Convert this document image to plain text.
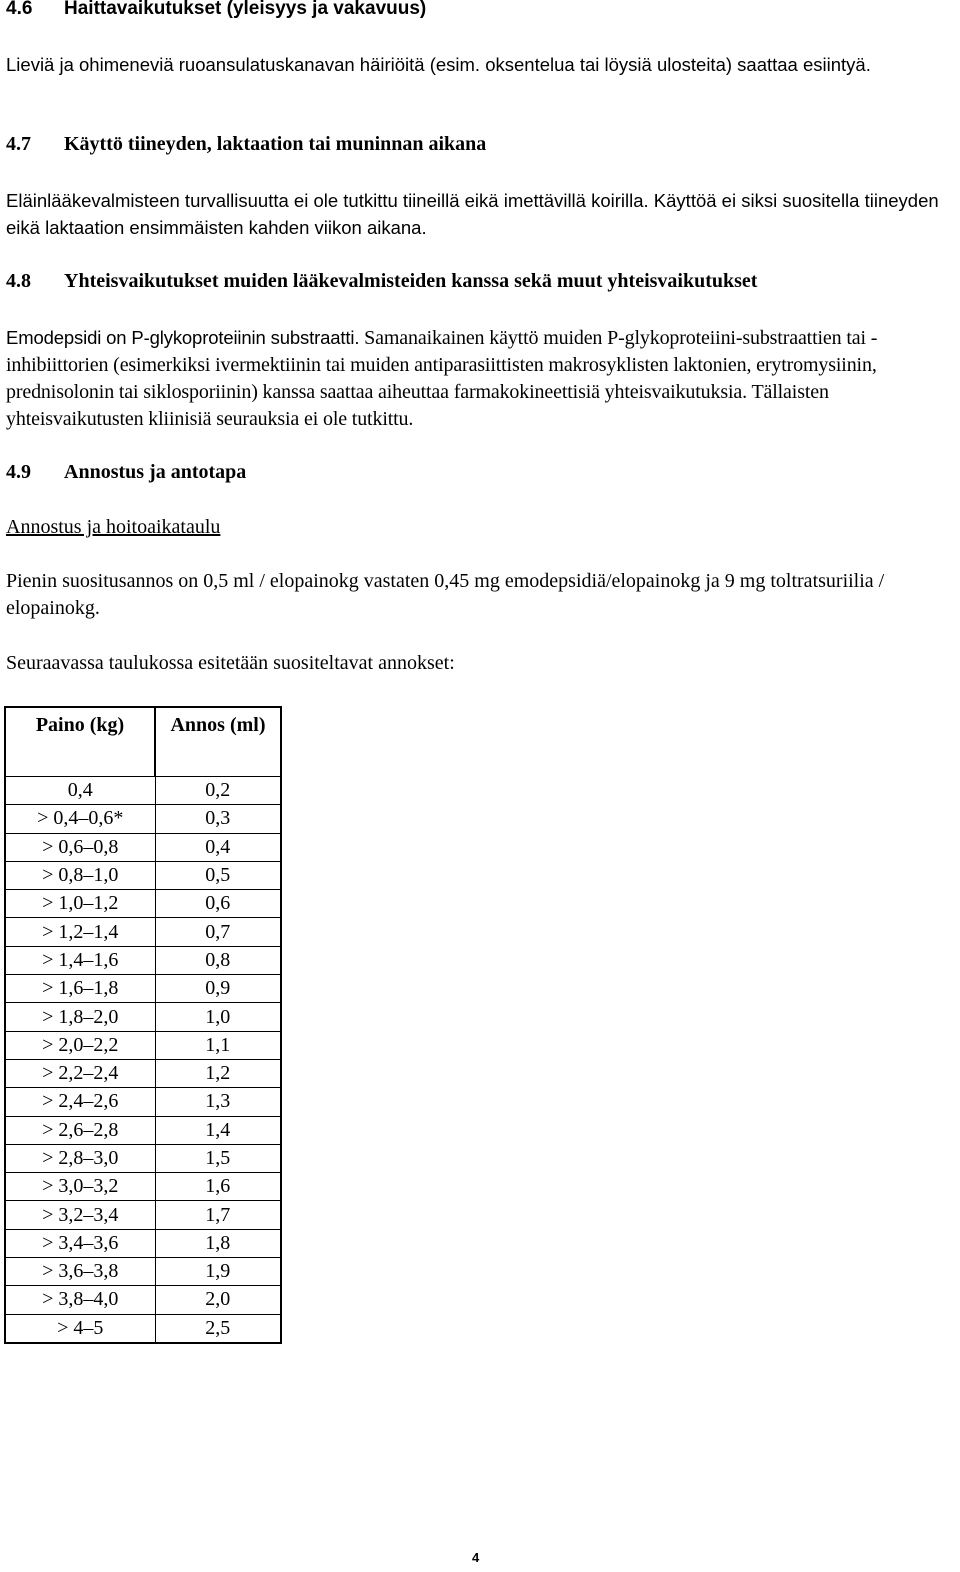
4.6 Haittavaikutukset (yleisyys ja vakavuus)
Lieviä ja ohimeneviä ruoansulatuskanavan häiriöitä (esim. oksentelua tai löysiä ulosteita) saattaa esiintyä.
4.7 Käyttö tiineyden, laktaation tai muninnan aikana
Eläinlääkevalmisteen turvallisuutta ei ole tutkittu tiineillä eikä imettävillä koirilla. Käyttöä ei siksi suositella tiineyden eikä laktaation ensimmäisten kahden viikon aikana.
4.8 Yhteisvaikutukset muiden lääkevalmisteiden kanssa sekä muut yhteisvaikutukset
Emodepsidi on P-glykoproteiinin substraatti. Samanaikainen käyttö muiden P-glykoproteiini-substraattien tai -inhibiittorien (esimerkiksi ivermektiinin tai muiden antiparasiittisten makrosyklisten laktonien, erytromysiinin, prednisolonin tai siklosporiinin) kanssa saattaa aiheuttaa farmakokineettisiä yhteisvaikutuksia. Tällaisten yhteisvaikutusten kliinisiä seurauksia ei ole tutkittu.
4.9 Annostus ja antotapa
Annostus ja hoitoaikataulu
Pienin suositusannos on 0,5 ml / elopainokg vastaten 0,45 mg emodepsidiä/elopainokg ja 9 mg toltratsuriilia / elopainokg.
Seuraavassa taulukossa esitetään suositeltavat annokset:
Paino (kg)	Annos (ml)
0,4	0,2
> 0,4–0,6*	0,3
> 0,6–0,8	0,4
> 0,8–1,0	0,5
> 1,0–1,2	0,6
> 1,2–1,4	0,7
> 1,4–1,6	0,8
> 1,6–1,8	0,9
> 1,8–2,0	1,0
> 2,0–2,2	1,1
> 2,2–2,4	1,2
> 2,4–2,6	1,3
> 2,6–2,8	1,4
> 2,8–3,0	1,5
> 3,0–3,2	1,6
> 3,2–3,4	1,7
> 3,4–3,6	1,8
> 3,6–3,8	1,9
> 3,8–4,0	2,0
> 4–5	2,5
4
